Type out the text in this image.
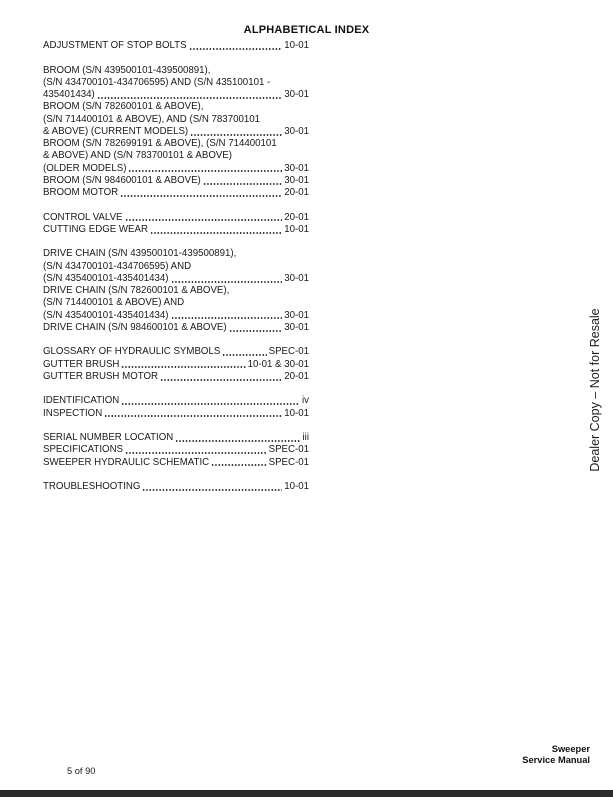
ALPHABETICAL INDEX
ADJUSTMENT OF STOP BOLTS	10-01
BROOM (S/N 439500101-439500891),
(S/N 434700101-434706595) AND (S/N 435100101 -
435401434)	30-01
BROOM (S/N 782600101 & ABOVE),
(S/N 714400101 & ABOVE), AND (S/N 783700101
& ABOVE) (CURRENT MODELS)	30-01
BROOM (S/N 782699191 & ABOVE), (S/N 714400101
& ABOVE) AND (S/N 783700101 & ABOVE)
(OLDER MODELS)	30-01
BROOM (S/N 984600101 & ABOVE)	30-01
BROOM MOTOR	20-01
CONTROL VALVE	20-01
CUTTING EDGE WEAR	10-01
DRIVE CHAIN (S/N 439500101-439500891),
(S/N 434700101-434706595) AND
(S/N 435400101-435401434)	30-01
DRIVE CHAIN (S/N 782600101 & ABOVE),
(S/N 714400101 & ABOVE) AND
(S/N 435400101-435401434)	30-01
DRIVE CHAIN (S/N 984600101 & ABOVE)	30-01
GLOSSARY OF HYDRAULIC SYMBOLS	SPEC-01
GUTTER BRUSH	10-01 & 30-01
GUTTER BRUSH MOTOR	20-01
IDENTIFICATION	iv
INSPECTION	10-01
SERIAL NUMBER LOCATION	iii
SPECIFICATIONS	SPEC-01
SWEEPER HYDRAULIC SCHEMATIC	SPEC-01
TROUBLESHOOTING	10-01
Dealer Copy – Not for Resale
5 of 90
Sweeper
Service Manual
